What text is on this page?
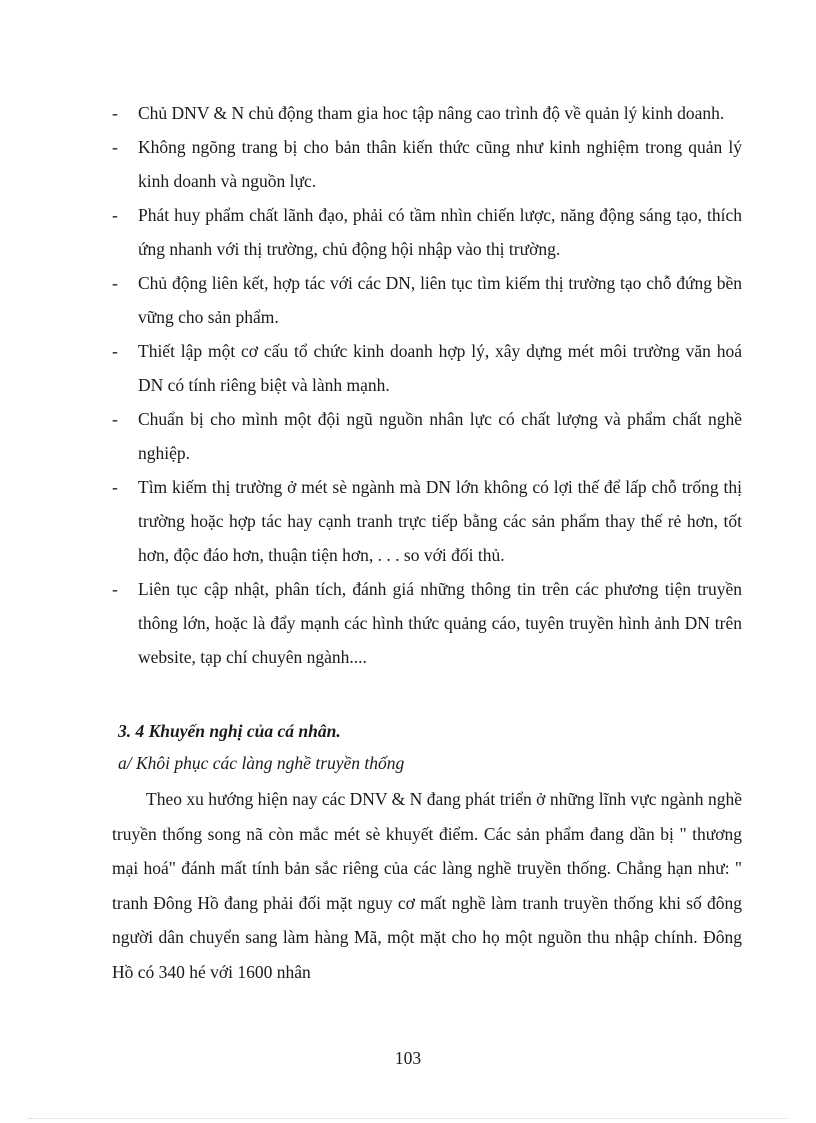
- Chủ DNV & N chủ động tham gia hoc tập nâng cao trình độ về quản lý kinh doanh.
- Không ngõng trang bị cho bản thân kiến thức cũng như kinh nghiệm trong quản lý kinh doanh và nguồn lực.
- Phát huy phẩm chất lãnh đạo, phải có tầm nhìn chiến lược, năng động sáng tạo, thích ứng nhanh với thị trường, chủ động hội nhập vào thị trường.
- Chủ động liên kết, hợp tác với các DN, liên tục tìm kiếm thị trường tạo chỗ đứng bền vững cho sản phẩm.
- Thiết lập một cơ cấu tổ chức kinh doanh hợp lý, xây dựng mét môi trường văn hoá DN có tính riêng biệt và lành mạnh.
- Chuẩn bị cho mình một đội ngũ nguồn nhân lực có chất lượng và phẩm chất nghề nghiệp.
- Tìm kiếm thị trường ở mét sè ngành mà DN lớn không có lợi thế để lấp chỗ trống thị trường hoặc hợp tác hay cạnh tranh trực tiếp bằng các sản phẩm thay thế rẻ hơn, tốt hơn, độc đáo hơn, thuận tiện hơn, . . . so với đối thủ.
- Liên tục cập nhật, phân tích, đánh giá những thông tin trên các phương tiện truyền thông lớn, hoặc là đẩy mạnh các hình thức quảng cáo, tuyên truyền hình ảnh DN trên website, tạp chí chuyên ngành....
3. 4 Khuyến nghị của cá nhân.
a/ Khôi phục các làng nghề truyền thống

Theo xu hướng hiện nay các DNV & N đang phát triển ở những lĩnh vực ngành nghề truyền thống song nã còn mắc mét sè khuyết điểm. Các sản phẩm đang dần bị " thương mại hoá" đánh mất tính bản sắc riêng của các làng nghề truyền thống. Chẳng hạn như: " tranh Đông Hồ đang phải đối mặt nguy cơ mất nghề làm tranh truyền thống khi số đông người dân chuyển sang làm hàng Mã, một mặt cho họ một nguồn thu nhập chính. Đông Hồ có 340 hé với 1600 nhân

103
